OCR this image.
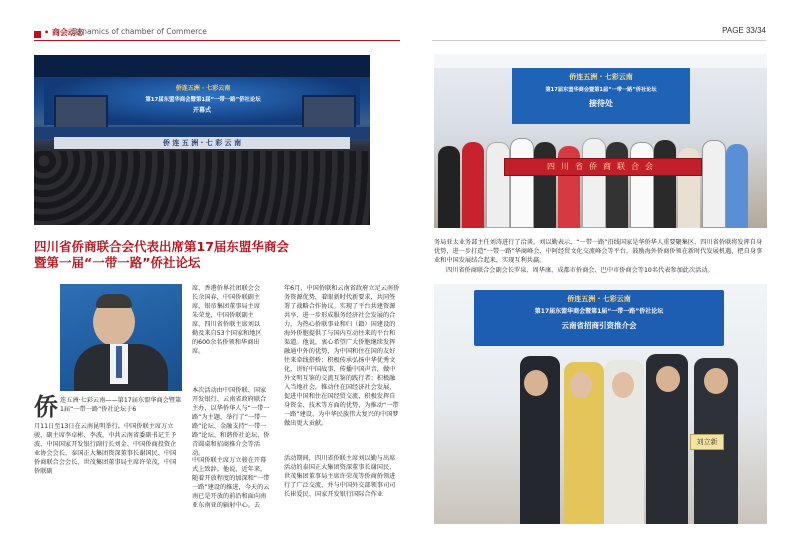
• 商会动态
Dynamics of chamber of Commerce	PAGE 33/34
侨连五洲 · 七彩云南
第17届东盟华商会暨第1届“一带一路”侨社论坛
开幕式
侨 连 五 洲 · 七 彩 云 南
侨连五洲 · 七彩云南
第17届东盟华商会暨第1届“一带一路”侨社论坛
接待处
四川省侨商联合会
四川省侨商联合会代表出席第17届东盟华商会
暨第一届“一带一路”侨社论坛
侨 连五洲·七彩云南——第17届东盟华商会暨第1届“一带一路”侨社论坛于6
月11日至13日在云南昆明举行。中国侨联主席万立骏，副主席李卓彬、李波，中共云南省委副书记王予波、中国国家开发银行副行长刘金、中国侨商投资企业协会会长、泰国正大集团资深董事长谢国民、中国侨商联合会会长、世茂集团董事局主席许荣茂，中国侨联副
席、香港侨界社团联会会长余国春，中国侨联副主席、银帝集团董事局主席朱荣龙，中国侨联副主席，四川省侨联主席刘以勤及来自53个国家和地区的600余名侨领和华商出席。
本次活动由中国侨联、国家开发银行、云南省政府联合主办，以华侨华人与“一带一路”为主题，举行了“一带一路”论坛、金融支持“一带一路”论坛、和谐侨社论坛、侨青圆桌和招商推介会等活动。
中国侨联主席万立骏在开幕式上致辞。他说，近年来，随着开放程度的加深和“一带一路”建设的推进，今天的云南已是开放的前沿和面向南亚东南亚的辐射中心。去
年6月，中国侨联和云南省政府立足云南侨务资源优势，着眼新时代新要求，共同签署了战略合作协议。实现了平台共建资源共享、进一步形成服务经济社会发展的合力，为热心侨联事业和归（籍）国建设的海外侨胞提供了与国内互动往来的平台和渠道。他说，衷心希望广大侨胞继续发挥融通中外的优势，为中国和住在国的友好往来牵线搭桥；积极传承弘扬中华优秀文化，讲好中国故事、传播中国声音，做中外文明互鉴的交流互鉴的践行者；积极融入当地社会，推动住在国经济社会发展，促进中国和住在国经贸交流，积极发挥自身资金、技术等方面的优势，为推动“一带一路”建设、为中华民族伟大复兴的中国梦做出更大贡献。
活动期间，四川省侨联主席刘以勤与出席活动的泰国正大集团资深董事长谢国民、世茂集团董事局主席许荣茂等侨商侨领进行了广泛交流，并与中国外交部领事司司长崔爱民、国家开发银行国际合作业
务局亚太业务部主任刘涛进行了洽谈。刘以勤表示，“一带一路”沿线国家是华侨华人重要聚集区，四川省侨联将发挥自身优势，进一步打造“一带一路”华商峰会、中阿经贸文化交流峰会等平台，鼓励海外侨商侨领在新时代发展机遇，把自身事业和中国发展结合起来，实现互利共赢。
四川省侨商联合会副会长罗泉、周华康、成都市侨商会、巴中市侨商会等10名代表参加此次活动。
侨连五洲 · 七彩云南
第17届东盟华商会暨第1届“一带一路”侨社论坛
云南省招商引资推介会
刘立新
